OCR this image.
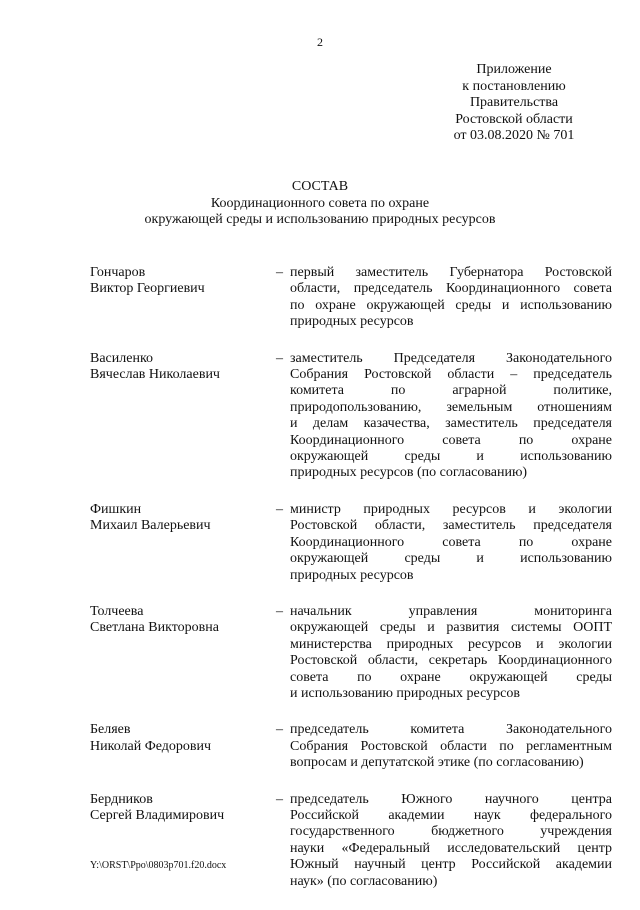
2
Приложение
к постановлению
Правительства
Ростовской области
от 03.08.2020 № 701
СОСТАВ
Координационного совета по охране
окружающей среды и использованию природных ресурсов
Гончаров
Виктор Георгиевич
– первый заместитель Губернатора Ростовской
области, председатель Координационного совета
по охране окружающей среды и использованию
природных ресурсов
Василенко
Вячеслав Николаевич
– заместитель Председателя Законодательного
Собрания Ростовской области – председатель
комитета по аграрной политике,
природопользованию, земельным отношениям
и делам казачества, заместитель председателя
Координационного совета по охране
окружающей среды и использованию
природных ресурсов (по согласованию)
Фишкин
Михаил Валерьевич
– министр природных ресурсов и экологии
Ростовской области, заместитель председателя
Координационного совета по охране
окружающей среды и использованию
природных ресурсов
Толчеева
Светлана Викторовна
– начальник управления мониторинга
окружающей среды и развития системы ООПТ
министерства природных ресурсов и экологии
Ростовской области, секретарь Координационного
совета по охране окружающей среды
и использованию природных ресурсов
Беляев
Николай Федорович
– председатель комитета Законодательного
Собрания Ростовской области по регламентным
вопросам и депутатской этике (по согласованию)
Бердников
Сергей Владимирович
– председатель Южного научного центра
Российской академии наук федерального
государственного бюджетного учреждения
науки «Федеральный исследовательский центр
Южный научный центр Российской академии
наук» (по согласованию)
Y:\ORST\Ppo\0803p701.f20.docx
